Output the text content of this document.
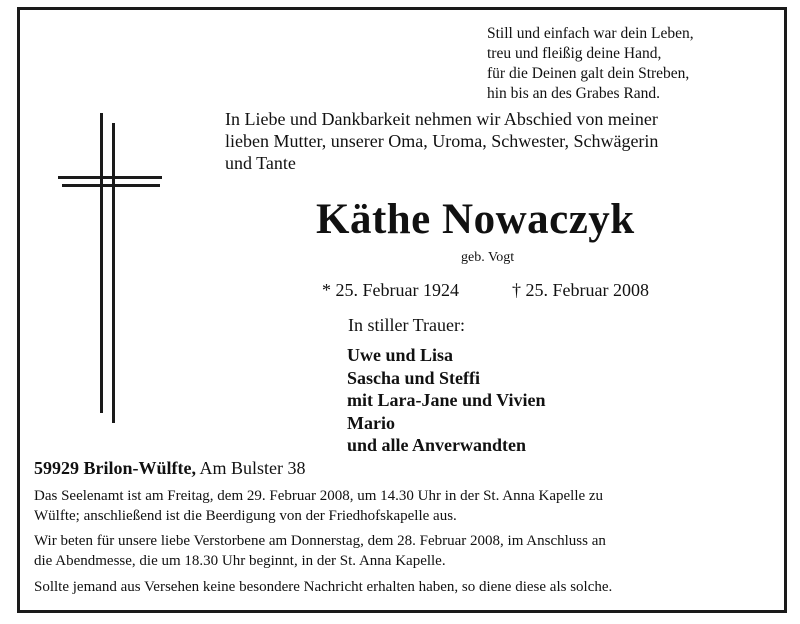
Still und einfach war dein Leben,
treu und fleißig deine Hand,
für die Deinen galt dein Streben,
hin bis an des Grabes Rand.
In Liebe und Dankbarkeit nehmen wir Abschied von meiner
lieben Mutter, unserer Oma, Uroma, Schwester, Schwägerin
und Tante
Käthe Nowaczyk
geb. Vogt
* 25. Februar 1924	† 25. Februar 2008
In stiller Trauer:
Uwe und Lisa
Sascha und Steffi
mit Lara-Jane und Vivien
Mario
und alle Anverwandten
59929 Brilon-Wülfte, Am Bulster 38
Das Seelenamt ist am Freitag, dem 29. Februar 2008, um 14.30 Uhr in der St. Anna Kapelle zu
Wülfte; anschließend ist die Beerdigung von der Friedhofskapelle aus.
Wir beten für unsere liebe Verstorbene am Donnerstag, dem 28. Februar 2008, im Anschluss an
die Abendmesse, die um 18.30 Uhr beginnt, in der St. Anna Kapelle.
Sollte jemand aus Versehen keine besondere Nachricht erhalten haben, so diene diese als solche.
